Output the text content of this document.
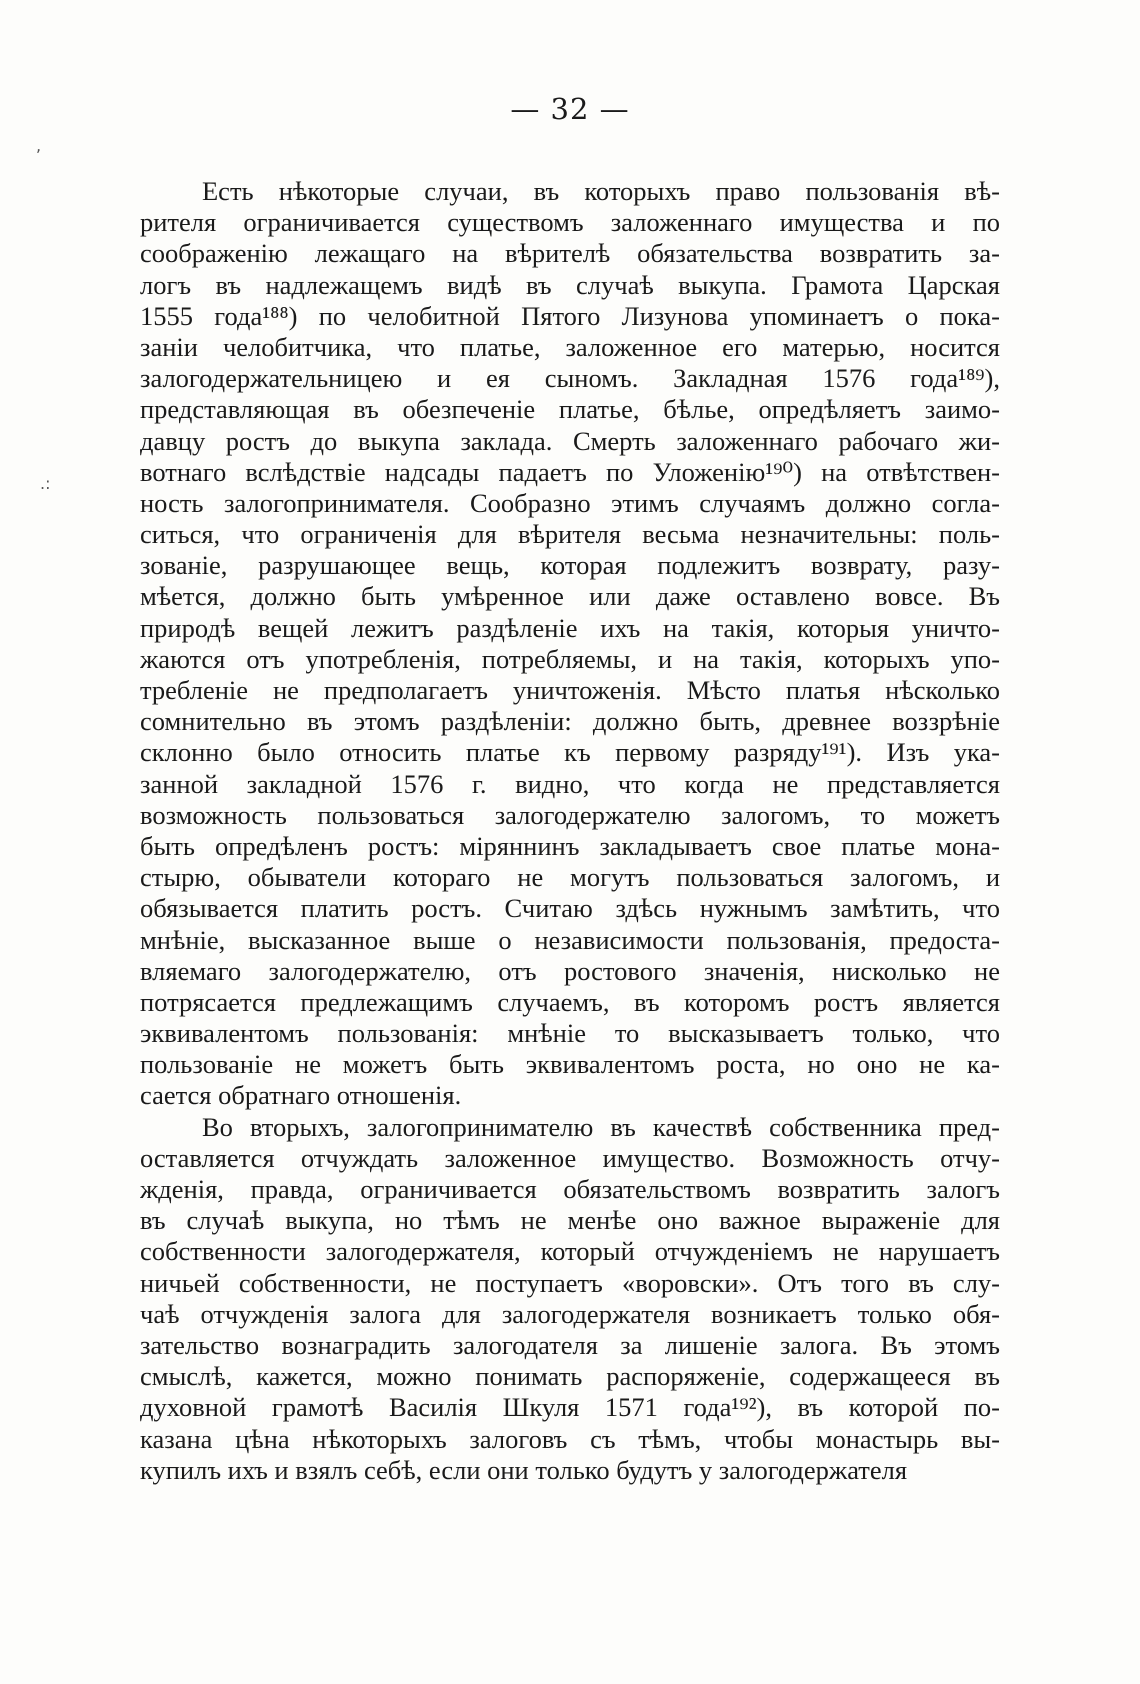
— 32 —
,
.:
Есть нѣкоторые случаи, въ которыхъ право пользованія вѣ-
рителя ограничивается существомъ заложеннаго имущества и по
соображенію лежащаго на вѣрителѣ обязательства возвратить за-
логъ въ надлежащемъ видѣ въ случаѣ выкупа. Грамота Царская
1555 года¹⁸⁸) по челобитной Пятого Лизунова упоминаетъ о пока-
заніи челобитчика, что платье, заложенное его матерью, носится
залогодержательницею и ея сыномъ. Закладная 1576 года¹⁸⁹),
представляющая въ обезпеченіе платье, бѣлье, опредѣляетъ заимо-
давцу ростъ до выкупа заклада. Смерть заложеннаго рабочаго жи-
вотнаго вслѣдствіе надсады падаетъ по Уложенію¹⁹⁰) на отвѣтствен-
ность залогопринимателя. Сообразно этимъ случаямъ должно согла-
ситься, что ограниченія для вѣрителя весьма незначительны: поль-
зованіе, разрушающее вещь, которая подлежитъ возврату, разу-
мѣется, должно быть умѣренное или даже оставлено вовсе. Въ
природѣ вещей лежитъ раздѣленіе ихъ на такія, которыя уничто-
жаются отъ употребленія, потребляемы, и на такія, которыхъ упо-
требленіе не предполагаетъ уничтоженія. Мѣсто платья нѣсколько
сомнительно въ этомъ раздѣленіи: должно быть, древнее воззрѣніе
склонно было относить платье къ первому разряду¹⁹¹). Изъ ука-
занной закладной 1576 г. видно, что когда не представляется
возможность пользоваться залогодержателю залогомъ, то можетъ
быть опредѣленъ ростъ: міряннинъ закладываетъ свое платье мона-
стырю, обыватели котораго не могутъ пользоваться залогомъ, и
обязывается платить ростъ. Считаю здѣсь нужнымъ замѣтить, что
мнѣніе, высказанное выше о независимости пользованія, предоста-
вляемаго залогодержателю, отъ ростового значенія, нисколько не
потрясается предлежащимъ случаемъ, въ которомъ ростъ является
эквивалентомъ пользованія: мнѣніе то высказываетъ только, что
пользованіе не можетъ быть эквивалентомъ роста, но оно не ка-
сается обратнаго отношенія.
Во вторыхъ, залогопринимателю въ качествѣ собственника пред-
оставляется отчуждать заложенное имущество. Возможность отчу-
жденія, правда, ограничивается обязательствомъ возвратить залогъ
въ случаѣ выкупа, но тѣмъ не менѣе оно важное выраженіе для
собственности залогодержателя, который отчужденіемъ не нарушаетъ
ничьей собственности, не поступаетъ «воровски». Отъ того въ слу-
чаѣ отчужденія залога для залогодержателя возникаетъ только обя-
зательство вознаградить залогодателя за лишеніе залога. Въ этомъ
смыслѣ, кажется, можно понимать распоряженіе, содержащееся въ
духовной грамотѣ Василія Шкуля 1571 года¹⁹²), въ которой по-
казана цѣна нѣкоторыхъ залоговъ съ тѣмъ, чтобы монастырь вы-
купилъ ихъ и взялъ себѣ, если они только будутъ у залогодержателя
